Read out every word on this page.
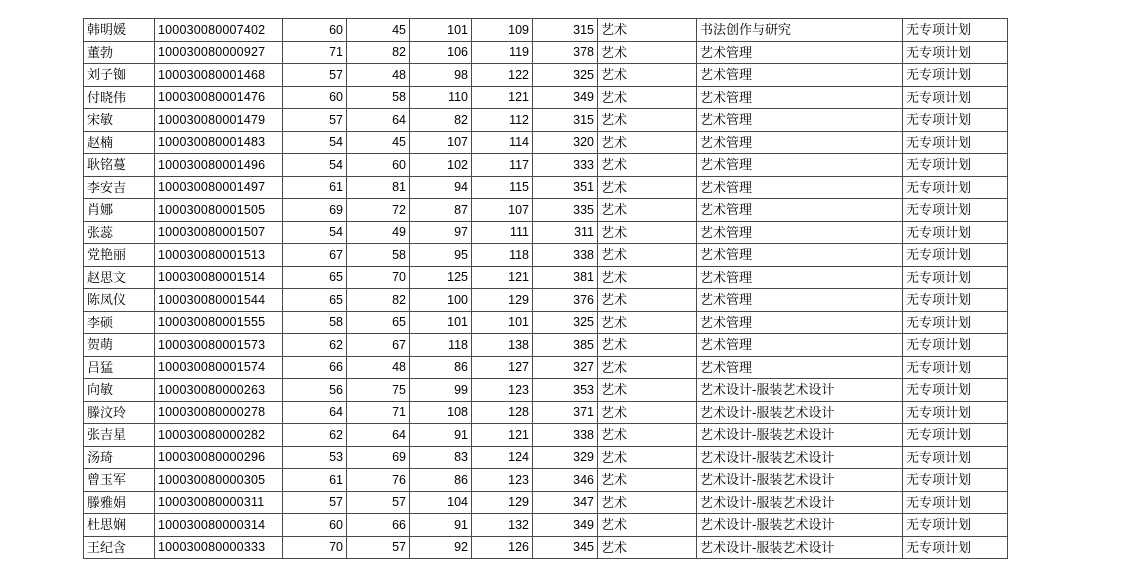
韩明媛	100030080007402	60	45	101	109	315	艺术	书法创作与研究	无专项计划
董勃	100030080000927	71	82	106	119	378	艺术	艺术管理	无专项计划
刘子铷	100030080001468	57	48	98	122	325	艺术	艺术管理	无专项计划
付晓伟	100030080001476	60	58	110	121	349	艺术	艺术管理	无专项计划
宋敏	100030080001479	57	64	82	112	315	艺术	艺术管理	无专项计划
赵楠	100030080001483	54	45	107	114	320	艺术	艺术管理	无专项计划
耿铭蔓	100030080001496	54	60	102	117	333	艺术	艺术管理	无专项计划
李安吉	100030080001497	61	81	94	115	351	艺术	艺术管理	无专项计划
肖娜	100030080001505	69	72	87	107	335	艺术	艺术管理	无专项计划
张蕊	100030080001507	54	49	97	111	311	艺术	艺术管理	无专项计划
党艳丽	100030080001513	67	58	95	118	338	艺术	艺术管理	无专项计划
赵思文	100030080001514	65	70	125	121	381	艺术	艺术管理	无专项计划
陈凤仪	100030080001544	65	82	100	129	376	艺术	艺术管理	无专项计划
李硕	100030080001555	58	65	101	101	325	艺术	艺术管理	无专项计划
贺萌	100030080001573	62	67	118	138	385	艺术	艺术管理	无专项计划
吕猛	100030080001574	66	48	86	127	327	艺术	艺术管理	无专项计划
向敏	100030080000263	56	75	99	123	353	艺术	艺术设计-服装艺术设计	无专项计划
滕汶玲	100030080000278	64	71	108	128	371	艺术	艺术设计-服装艺术设计	无专项计划
张吉星	100030080000282	62	64	91	121	338	艺术	艺术设计-服装艺术设计	无专项计划
汤琦	100030080000296	53	69	83	124	329	艺术	艺术设计-服装艺术设计	无专项计划
曾玉军	100030080000305	61	76	86	123	346	艺术	艺术设计-服装艺术设计	无专项计划
滕雅娟	100030080000311	57	57	104	129	347	艺术	艺术设计-服装艺术设计	无专项计划
杜思娴	100030080000314	60	66	91	132	349	艺术	艺术设计-服装艺术设计	无专项计划
王纪含	100030080000333	70	57	92	126	345	艺术	艺术设计-服装艺术设计	无专项计划
